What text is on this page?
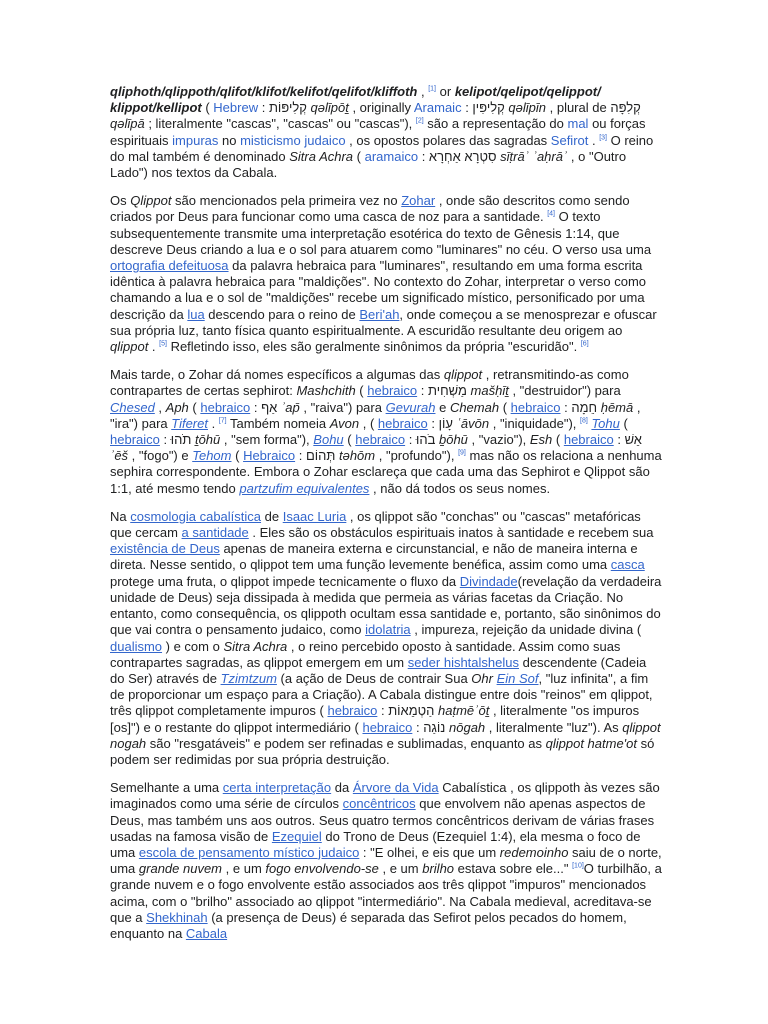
qliphoth/qlippoth/qlifot/klifot/kelifot/qelifot/kliffoth , [1] or kelipot/qelipot/qelippot/ klippot/kellipot ( Hebrew : קְלִיפּוֹת qəlīpōṯ , originally Aramaic : קְלִיפִּין qəlīpīn , plural de קְלִפָּה qəlīpā ; literalmente "cascas", "cascas" ou "cascas"), [2] são a representação do mal ou forças espirituais impuras no misticismo judaico , os opostos polares das sagradas Sefirot . [3] O reino do mal também é denominado Sitra Achra ( aramaico : סִטְרָא אַחְרָא sīṭrāʾ ʾaḥrāʾ , o "Outro Lado") nos textos da Cabala.

Os Qlippot são mencionados pela primeira vez no Zohar , onde são descritos como sendo criados por Deus para funcionar como uma casca de noz para a santidade. [4] O texto subsequentemente transmite uma interpretação esotérica do texto de Gênesis 1:14, que descreve Deus criando a lua e o sol para atuarem como "luminares" no céu. O verso usa uma ortografia defeituosa da palavra hebraica para "luminares", resultando em uma forma escrita idêntica à palavra hebraica para "maldições". No contexto do Zohar, interpretar o verso como chamando a lua e o sol de "maldições" recebe um significado místico, personificado por uma descrição da lua descendo para o reino de Beri'ah, onde começou a se menosprezar e ofuscar sua própria luz, tanto física quanto espiritualmente. A escuridão resultante deu origem ao qlippot . [5] Refletindo isso, eles são geralmente sinônimos da própria "escuridão". [6]

Mais tarde, o Zohar dá nomes específicos a algumas das qlippot , retransmitindo-as como contrapartes de certas sephirot: Mashchith ( hebraico : מַשְׁחִית mašḥīṯ , "destruidor") para Chesed , Aph ( hebraico : אַף ʾap̄ , "raiva") para Gevurah e Chemah ( hebraico : חֵמָה ḥēmā , "ira") para Tiferet . [7] Também nomeia Avon , ( hebraico : עָוֹן ʿāvōn , "iniquidade"), [8] Tohu ( hebraico : תֹהוּ ṯōhū , "sem forma"), Bohu ( hebraico : בֹהוּ ḇōhū , "vazio"), Esh ( hebraico : אֵשׁ ʾēš , "fogo") e Tehom ( Hebraico : תְּהוֹם təhōm , "profundo"), [9] mas não os relaciona a nenhuma sephira correspondente. Embora o Zohar esclareça que cada uma das Sephirot e Qlippot são 1:1, até mesmo tendo partzufim equivalentes , não dá todos os seus nomes.

Na cosmologia cabalística de Isaac Luria , os qlippot são "conchas" ou "cascas" metafóricas que cercam a santidade . Eles são os obstáculos espirituais inatos à santidade e recebem sua existência de Deus apenas de maneira externa e circunstancial, e não de maneira interna e direta. Nesse sentido, o qlippot tem uma função levemente benéfica, assim como uma casca protege uma fruta, o qlippot impede tecnicamente o fluxo da Divindade(revelação da verdadeira unidade de Deus) seja dissipada à medida que permeia as várias facetas da Criação. No entanto, como consequência, os qlippoth ocultam essa santidade e, portanto, são sinônimos do que vai contra o pensamento judaico, como idolatria , impureza, rejeição da unidade divina ( dualismo ) e com o Sitra Achra , o reino percebido oposto à santidade. Assim como suas contrapartes sagradas, as qlippot emergem em um seder hishtalshelus descendente (Cadeia do Ser) através de Tzimtzum (a ação de Deus de contrair Sua Ohr Ein Sof, "luz infinita", a fim de proporcionar um espaço para a Criação). A Cabala distingue entre dois "reinos" em qlippot, três qlippot completamente impuros ( hebraico : הַטְמֵאוֹת haṭmēʾōṯ , literalmente "os impuros [os]") e o restante do qlippot intermediário ( hebraico : נוֹגַה nōgah , literalmente "luz"). As qlippot nogah são "resgatáveis" e podem ser refinadas e sublimadas, enquanto as qlippot hatme'ot só podem ser redimidas por sua própria destruição.

Semelhante a uma certa interpretação da Árvore da Vida Cabalística , os qlippoth às vezes são imaginados como uma série de círculos concêntricos que envolvem não apenas aspectos de Deus, mas também uns aos outros. Seus quatro termos concêntricos derivam de várias frases usadas na famosa visão de Ezequiel do Trono de Deus (Ezequiel 1:4), ela mesma o foco de uma escola de pensamento místico judaico : "E olhei, e eis que um redemoinho saiu de o norte, uma grande nuvem , e um fogo envolvendo-se , e um brilho estava sobre ele..." [10]O turbilhão, a grande nuvem e o fogo envolvente estão associados aos três qlippot "impuros" mencionados acima, com o "brilho" associado ao qlippot "intermediário". Na Cabala medieval, acreditava-se que a Shekhinah (a presença de Deus) é separada das Sefirot pelos pecados do homem, enquanto na Cabala
